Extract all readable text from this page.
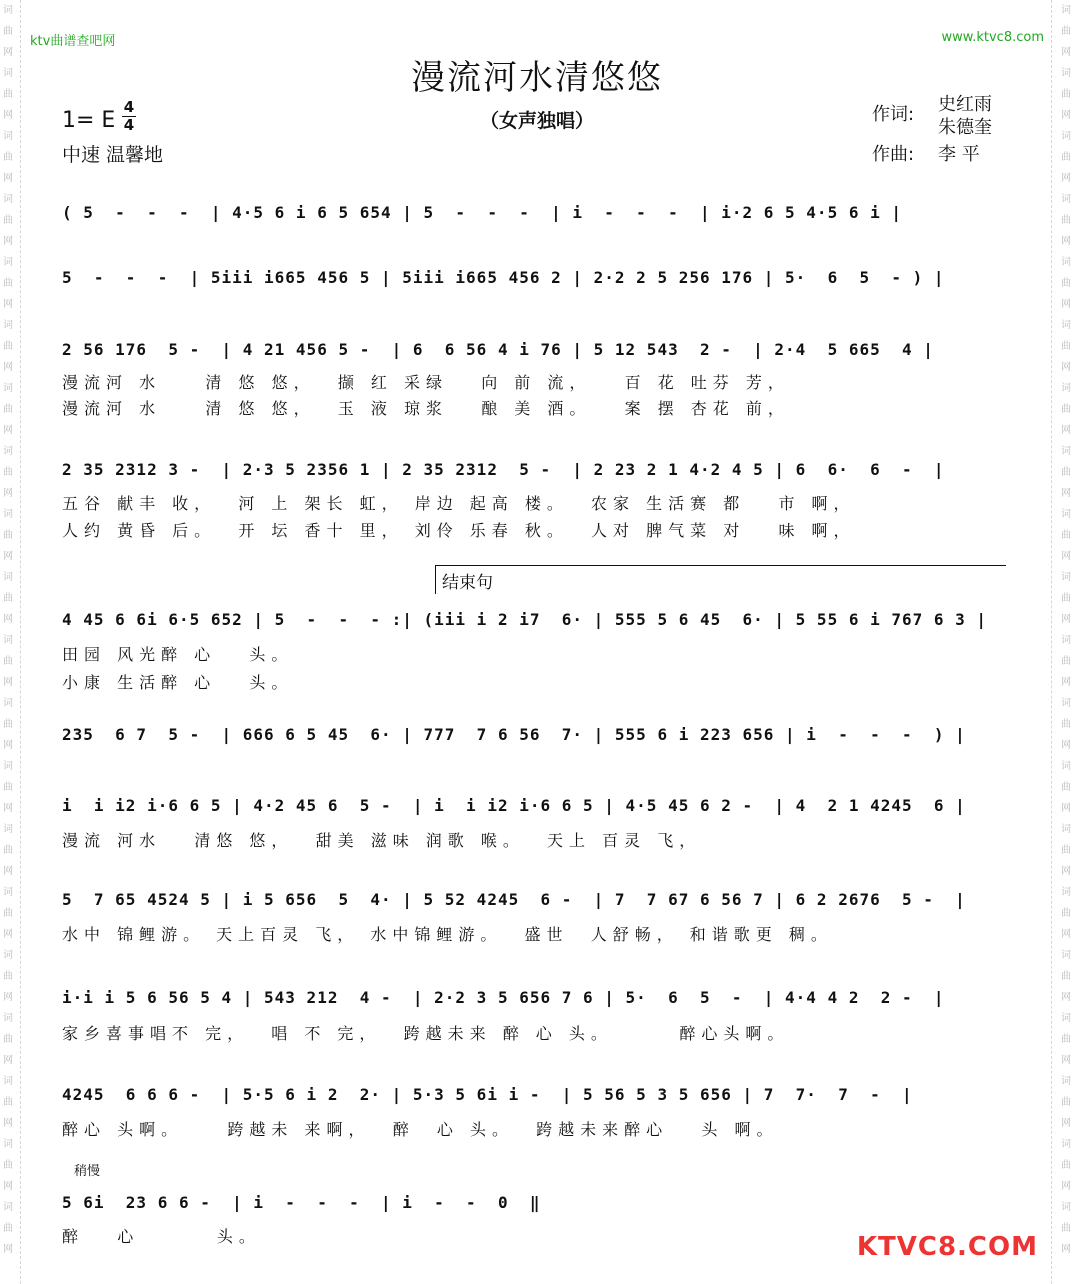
词曲网词曲网词曲网词曲网词曲网词曲网词曲网词曲网词曲网词曲网词曲网词曲网词曲网词曲网词曲网词曲网词曲网词曲网词曲网词曲网
词曲网词曲网词曲网词曲网词曲网词曲网词曲网词曲网词曲网词曲网词曲网词曲网词曲网词曲网词曲网词曲网词曲网词曲网词曲网词曲网
ktv曲谱查吧网	www.ktvc8.com
漫流河水清悠悠
（女声独唱）
1= E
4
4
中速 温馨地
作词: 史红雨
朱德奎
作曲: 李 平
( 5  -  -  -  | 4·5 6 i 6 5 654 | 5  -  -  -  | i  -  -  -  | i·2 6 5 4·5 6 i |
5  -  -  -  | 5iii i665 456 5 | 5iii i665 456 2 | 2·2 2 5 256 176 | 5·  6  5  - ) |
2 56 176  5 -  | 4 21 456 5 -  | 6  6 56 4 i 76 | 5 12 543  2 -  | 2·4  5 665  4 |
漫流河 水    清 悠 悠，  撷 红 采绿   向 前 流，   百 花 吐芬 芳，
漫流河 水    清 悠 悠，  玉 液 琼浆   酿 美 酒。   案 摆 杏花 前，
2 35 2312 3 -  | 2·3 5 2356 1 | 2 35 2312  5 -  | 2 23 2 1 4·2 4 5 | 6  6·  6  -  |
五谷 献丰 收，  河 上 架长 虹， 岸边 起高 楼。  农家 生活赛 都   市 啊，
人约 黄昏 后。  开 坛 香十 里， 刘伶 乐春 秋。  人对 脾气菜 对   味 啊，
结束句
4 45 6 6i 6·5 652 | 5  -  -  - :| (iii i 2 i7  6· | 555 5 6 45  6· | 5 55 6 i 767 6 3 |
田园 风光醉 心   头。
小康 生活醉 心   头。
235  6 7  5 -  | 666 6 5 45  6· | 777  7 6 56  7· | 555 6 i 223 656 | i  -  -  -  ) |
i  i i2 i·6 6 5 | 4·2 45 6  5 -  | i  i i2 i·6 6 5 | 4·5 45 6 2 -  | 4  2 1 4245  6 |
漫流 河水   清悠 悠，  甜美 滋味 润歌 喉。  天上 百灵 飞，
5  7 65 4524 5 | i 5 656  5  4· | 5 52 4245  6 -  | 7  7 67 6 56 7 | 6 2 2676  5 -  |
水中 锦鲤游。 天上百灵 飞， 水中锦鲤游。  盛世  人舒畅， 和谐歌更 稠。
i·i i 5 6 56 5 4 | 543 212  4 -  | 2·2 3 5 656 7 6 | 5·  6  5  -  | 4·4 4 2  2 -  |
家乡喜事唱不 完，  唱 不 完，  跨越未来 醉 心 头。      醉心头啊。
4245  6 6 6 -  | 5·5 6 i 2  2· | 5·3 5 6i i -  | 5 56 5 3 5 656 | 7  7·  7  -  |
醉心 头啊。    跨越未 来啊，  醉  心 头。  跨越未来醉心   头 啊。
稍慢
5 6i  23 6 6 -  | i  -  -  -  | i  -  -  0  ‖
醉   心       头。	KTVC8.COM
